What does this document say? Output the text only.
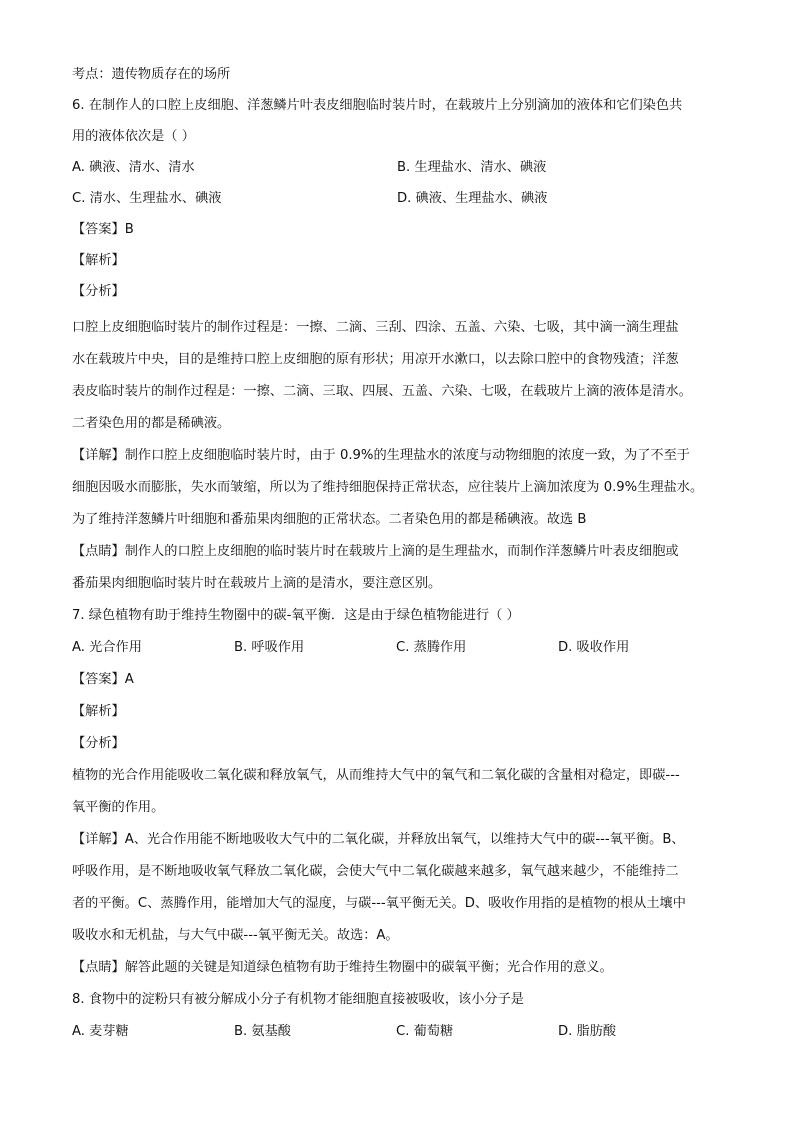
考点：遗传物质存在的场所

6. 在制作人的口腔上皮细胞、洋葱鳞片叶表皮细胞临时装片时，在载玻片上分别滴加的液体和它们染色共

用的液体依次是（ ）

A. 碘液、清水、清水	B. 生理盐水、清水、碘液
C. 清水、生理盐水、碘液	D. 碘液、生理盐水、碘液

【答案】B

【解析】

【分析】

口腔上皮细胞临时装片的制作过程是：一擦、二滴、三刮、四涂、五盖、六染、七吸，其中滴一滴生理盐

水在载玻片中央，目的是维持口腔上皮细胞的原有形状；用凉开水漱口，以去除口腔中的食物残渣；洋葱

表皮临时装片的制作过程是：一擦、二滴、三取、四展、五盖、六染、七吸，在载玻片上滴的液体是清水。

二者染色用的都是稀碘液。

【详解】制作口腔上皮细胞临时装片时，由于 0.9%的生理盐水的浓度与动物细胞的浓度一致，为了不至于

细胞因吸水而膨胀，失水而皱缩，所以为了维持细胞保持正常状态，应往装片上滴加浓度为 0.9%生理盐水。

为了维持洋葱鳞片叶细胞和番茄果肉细胞的正常状态。二者染色用的都是稀碘液。故选 B

【点睛】制作人的口腔上皮细胞的临时装片时在载玻片上滴的是生理盐水，而制作洋葱鳞片叶表皮细胞或

番茄果肉细胞临时装片时在载玻片上滴的是清水，要注意区别。

7. 绿色植物有助于维持生物圈中的碳-氧平衡．这是由于绿色植物能进行（ ）

A. 光合作用	B. 呼吸作用	C. 蒸腾作用	D. 吸收作用

【答案】A

【解析】

【分析】

植物的光合作用能吸收二氧化碳和释放氧气，从而维持大气中的氧气和二氧化碳的含量相对稳定，即碳---

氧平衡的作用。

【详解】A、光合作用能不断地吸收大气中的二氧化碳，并释放出氧气，以维持大气中的碳---氧平衡。B、

呼吸作用，是不断地吸收氧气释放二氧化碳，会使大气中二氧化碳越来越多，氧气越来越少，不能维持二

者的平衡。C、蒸腾作用，能增加大气的湿度，与碳---氧平衡无关。D、吸收作用指的是植物的根从土壤中

吸收水和无机盐，与大气中碳---氧平衡无关。故选：A。

【点睛】解答此题的关键是知道绿色植物有助于维持生物圈中的碳氧平衡；光合作用的意义。

8. 食物中的淀粉只有被分解成小分子有机物才能细胞直接被吸收，该小分子是

A. 麦芽糖	B. 氨基酸	C. 葡萄糖	D. 脂肪酸
